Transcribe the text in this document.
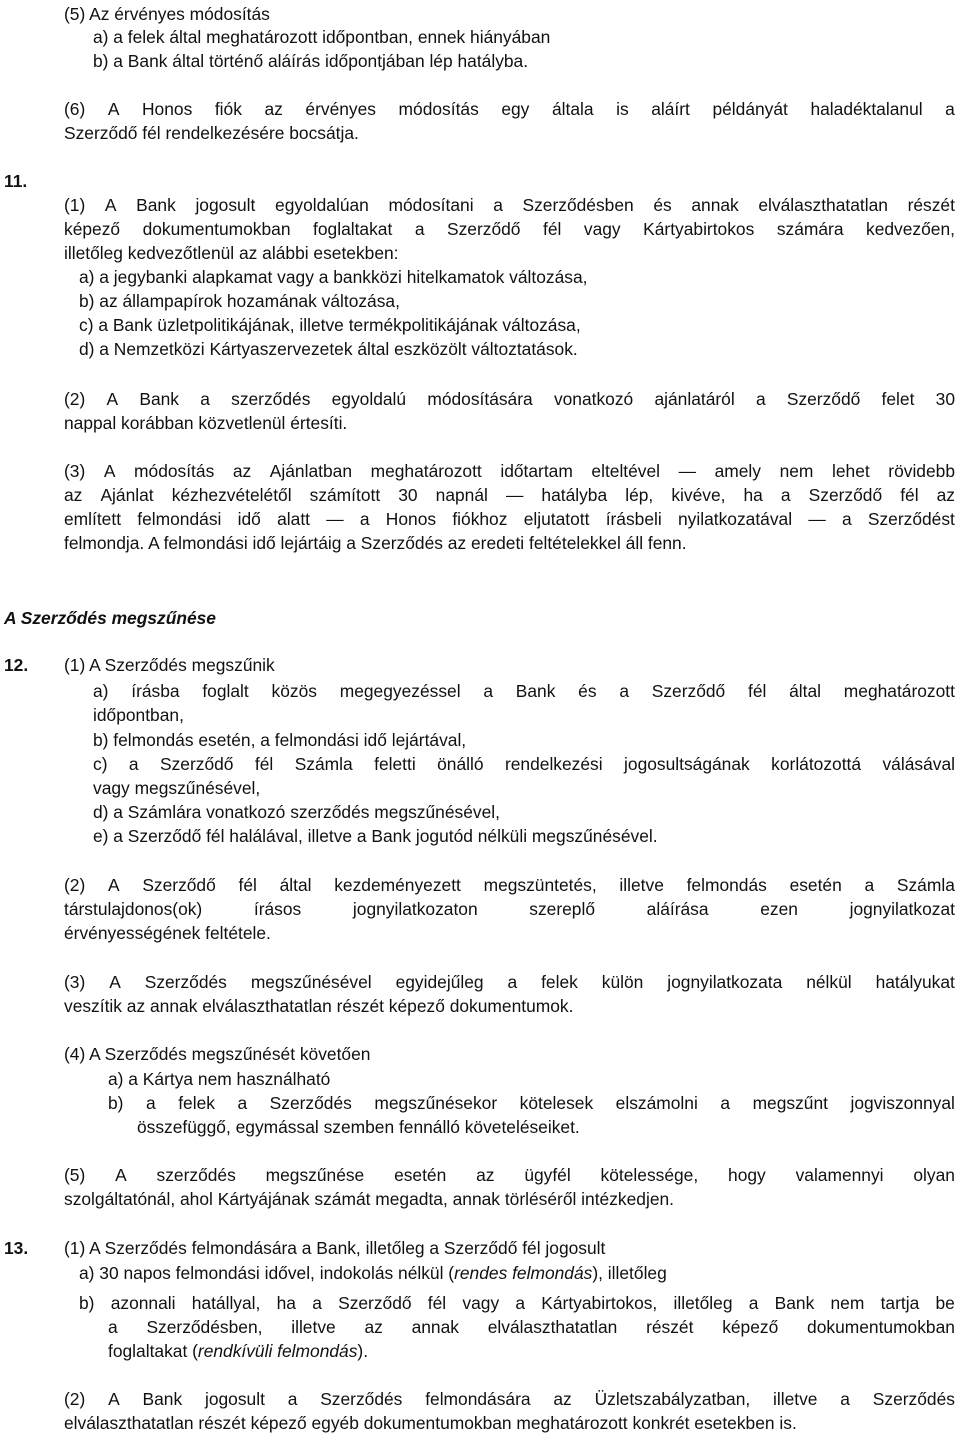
(5) Az érvényes módosítás
a) a felek által meghatározott időpontban, ennek hiányában
b) a Bank által történő aláírás időpontjában lép hatályba.
(6) A Honos fiók az érvényes módosítás egy általa is aláírt példányát haladéktalanul a
Szerződő fél rendelkezésére bocsátja.
11.
(1) A Bank jogosult egyoldalúan módosítani a Szerződésben és annak elválaszthatatlan részét
képező dokumentumokban foglaltakat a Szerződő fél vagy Kártyabirtokos számára kedvezően,
illetőleg kedvezőtlenül az alábbi esetekben:
a) a jegybanki alapkamat vagy a bankközi hitelkamatok változása,
b) az állampapírok hozamának változása,
c) a Bank üzletpolitikájának, illetve termékpolitikájának változása,
d) a Nemzetközi Kártyaszervezetek által eszközölt változtatások.
(2) A Bank a szerződés egyoldalú módosítására vonatkozó ajánlatáról a Szerződő felet 30
nappal korábban közvetlenül értesíti.
(3) A módosítás az Ajánlatban meghatározott időtartam elteltével — amely nem lehet rövidebb
az Ajánlat kézhezvételétől számított 30 napnál — hatályba lép, kivéve, ha a Szerződő fél az
említett felmondási idő alatt — a Honos fiókhoz eljutatott írásbeli nyilatkozatával — a Szerződést
felmondja. A felmondási idő lejártáig a Szerződés az eredeti feltételekkel áll fenn.
A Szerződés megszűnése
12. (1) A Szerződés megszűnik
a) írásba foglalt közös megegyezéssel a Bank és a Szerződő fél által meghatározott
időpontban,
b) felmondás esetén, a felmondási idő lejártával,
c) a Szerződő fél Számla feletti önálló rendelkezési jogosultságának korlátozottá válásával
vagy megszűnésével,
d) a Számlára vonatkozó szerződés megszűnésével,
e) a Szerződő fél halálával, illetve a Bank jogutód nélküli megszűnésével.
(2) A Szerződő fél által kezdeményezett megszüntetés, illetve felmondás esetén a Számla
társtulajdonos(ok)	írásos	jognyilatkozaton	szereplő	aláírása	ezen	jognyilatkozat
érvényességének feltétele.
(3) A Szerződés megszűnésével egyidejűleg a felek külön jognyilatkozata nélkül hatályukat
veszítik az annak elválaszthatatlan részét képező dokumentumok.
(4) A Szerződés megszűnését követően
a) a Kártya nem használható
b) a felek a Szerződés megszűnésekor kötelesek elszámolni a megszűnt jogviszonnyal
összefüggő, egymással szemben fennálló követeléseiket.
(5) A szerződés megszűnése esetén az ügyfél kötelessége, hogy valamennyi olyan
szolgáltatónál, ahol Kártyájának számát megadta, annak törléséről intézkedjen.
13. (1) A Szerződés felmondására a Bank, illetőleg a Szerződő fél jogosult
a) 30 napos felmondási idővel, indokolás nélkül (rendes felmondás), illetőleg
b) azonnali hatállyal, ha a Szerződő fél vagy a Kártyabirtokos, illetőleg a Bank nem tartja be
a Szerződésben, illetve az annak elválaszthatatlan részét képező dokumentumokban
foglaltakat (rendkívüli felmondás).
(2) A Bank jogosult a Szerződés felmondására az Üzletszabályzatban, illetve a Szerződés
elválaszthatatlan részét képező egyéb dokumentumokban meghatározott konkrét esetekben is.
